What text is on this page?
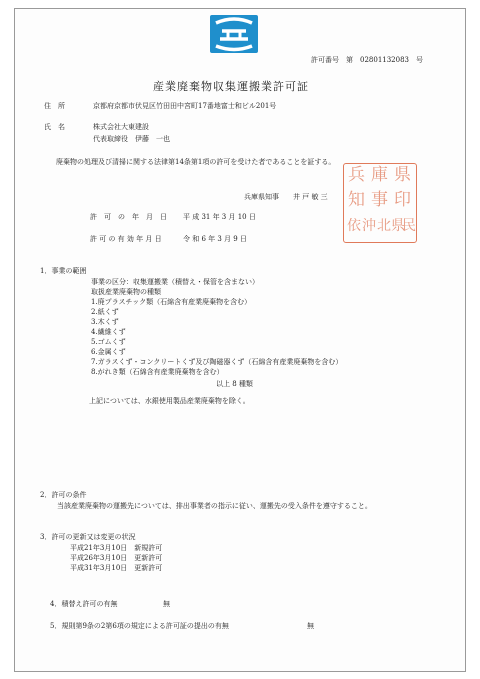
許可番号　第　02801132083　号
産業廃棄物収集運搬業許可証
住　所	京都府京都市伏見区竹田田中宮町17番地富士和ビル201号
氏　名	株式会社大東建設
代表取締役　伊藤　一也
廃棄物の処理及び清掃に関する法律第14条第1項の許可を受けた者であることを証する。
兵庫県知事　　井 戸 敏 三
兵 庫 県
知 事 印
依 沖 北 県
民
許　可　の　年　月　日 平 成 31 年 3 月 10 日
許 可 の 有 効 年 月 日	令 和 6 年 3 月 9 日
1．事業の範囲
事業の区分：収集運搬業（積替え・保管を含まない）
取扱産業廃棄物の種類
1.廃プラスチック類（石綿含有産業廃棄物を含む）
2.紙くず
3.木くず
4.繊維くず
5.ゴムくず
6.金属くず
7.ガラスくず・コンクリートくず及び陶磁器くず（石綿含有産業廃棄物を含む）
8.がれき類（石綿含有産業廃棄物を含む）
以上 8 種類
上記については、水銀使用製品産業廃棄物を除く。
2．許可の条件
当該産業廃棄物の運搬先については、排出事業者の指示に従い、運搬先の受入条件を遵守すること。
3．許可の更新又は変更の状況
平成21年3月10日　新規許可
平成26年3月10日　更新許可
平成31年3月10日　更新許可
4．積替え許可の有無	無
5．規則第9条の2第6項の規定による許可証の提出の有無	無
